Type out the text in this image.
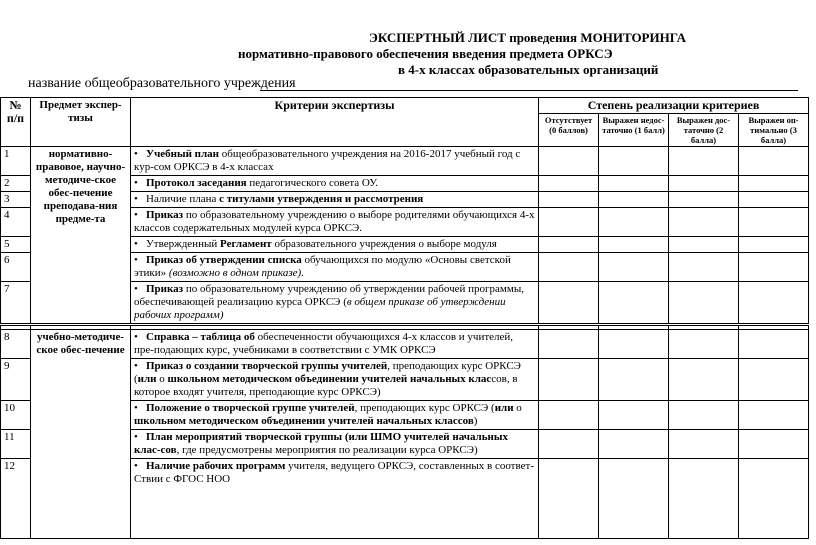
ЭКСПЕРТНЫЙ ЛИСТ проведения МОНИТОРИНГА
нормативно-правового обеспечения введения предмета ОРКСЭ
в 4-х классах образовательных организаций
название общеобразовательного учреждения
№ п/п	Предмет экспер-тизы	Критерии экспертизы	Степень реализации критериев			
			Отсутствует (0 баллов)	Выражен недос-таточно (1 балл)	Выражен дос-таточно (2 балла)	Выражен оп-тимально (3 балла)
1	нормативно-правовое, научно-методиче-ское обес-печение преподава-ния предме-та	• Учебный план общеобразовательного учреждения на 2016-2017 учебный год с кур-сом ОРКСЭ в 4-х классах				
2		• Протокол заседания педагогического совета ОУ.				
3		• Наличие плана с титулами утверждения и рассмотрения				
4		• Приказ по образовательному учреждению о выборе родителями обучающихся 4-х классов содержательных модулей курса ОРКСЭ.				
5		• Утвержденный Регламент образовательного учреждения о выборе модуля				
6		• Приказ об утверждении списка обучающихся по модулю «Основы светской этики» (возможно в одном приказе).				
7		• Приказ по образовательному учреждению об утверждении рабочей программы, обеспечивающей реализацию курса ОРКСЭ (в общем приказе об утверждении рабочих программ)				

8	учебно-методиче-ское обес-печение	• Справка – таблица об обеспеченности обучающихся 4-х классов и учителей, пре-подающих курс, учебниками в соответствии с УМК ОРКСЭ				
9		• Приказ о создании творческой группы учителей, преподающих курс ОРКСЭ (или о школьном методическом объединении учителей начальных классов, в которое входят учителя, преподающие курс ОРКСЭ)				
10		• Положение о творческой группе учителей, преподающих курс ОРКСЭ (или о школьном методическом объединении учителей начальных классов)				
11		• План мероприятий творческой группы (или ШМО учителей начальных клас-сов, где предусмотрены мероприятия по реализации курса ОРКСЭ)				
12		• Наличие рабочих программ учителя, ведущего ОРКСЭ, составленных в соответ-Ствии с ФГОС НОО				
